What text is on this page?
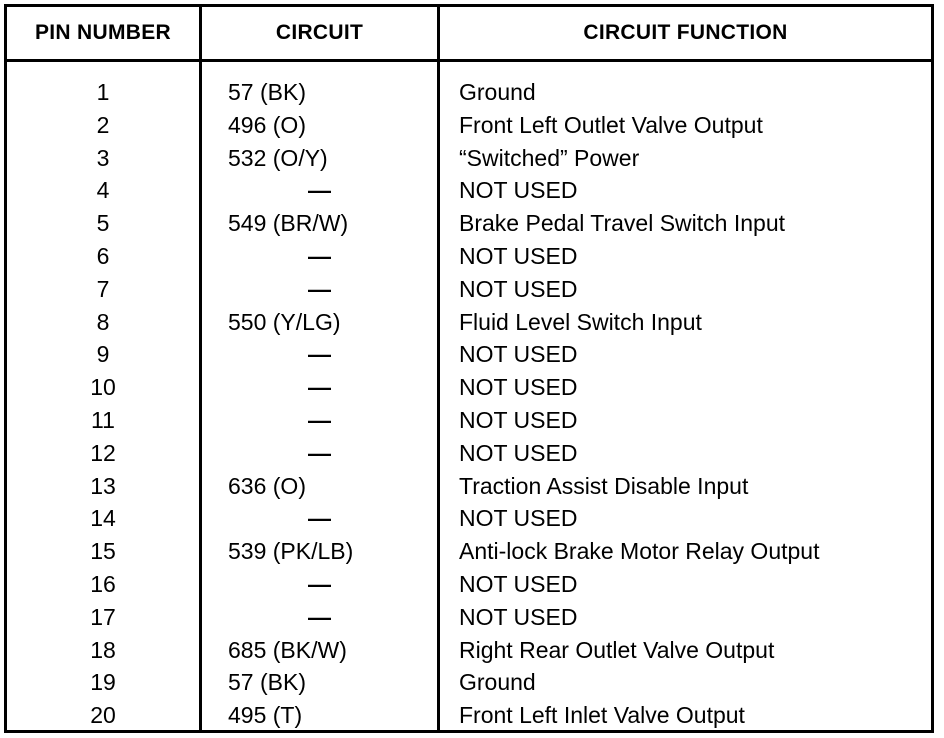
PIN NUMBER	CIRCUIT	CIRCUIT FUNCTION
1	57 (BK)	Ground
2	496 (O)	Front Left Outlet Valve Output
3	532 (O/Y)	“Switched” Power
4	—	NOT USED
5	549 (BR/W)	Brake Pedal Travel Switch Input
6	—	NOT USED
7	—	NOT USED
8	550 (Y/LG)	Fluid Level Switch Input
9	—	NOT USED
10	—	NOT USED
11	—	NOT USED
12	—	NOT USED
13	636 (O)	Traction Assist Disable Input
14	—	NOT USED
15	539 (PK/LB)	Anti-lock Brake Motor Relay Output
16	—	NOT USED
17	—	NOT USED
18	685 (BK/W)	Right Rear Outlet Valve Output
19	57 (BK)	Ground
20	495 (T)	Front Left Inlet Valve Output
